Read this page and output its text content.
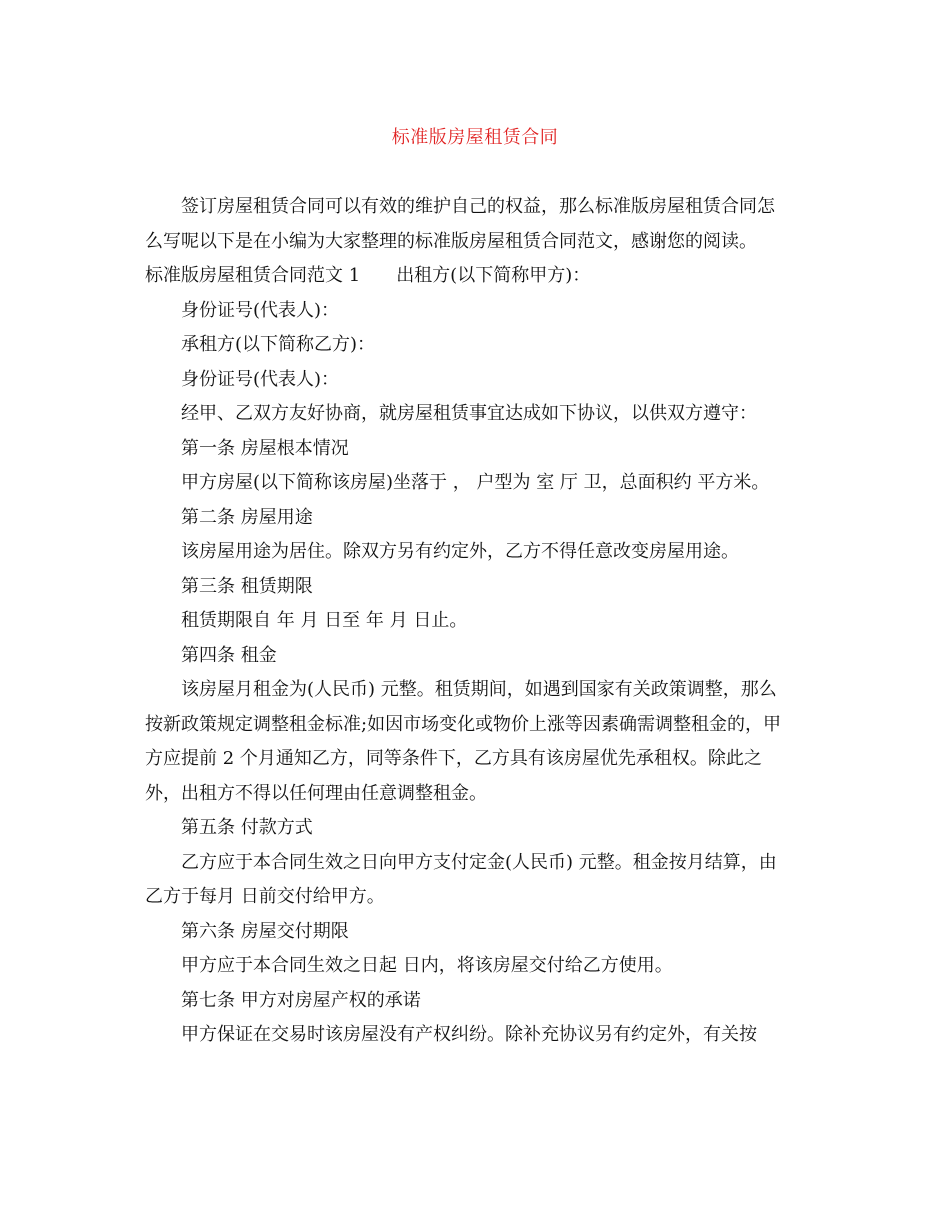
标准版房屋租赁合同
签订房屋租赁合同可以有效的维护自己的权益，那么标准版房屋租赁合同怎
么写呢以下是在小编为大家整理的标准版房屋租赁合同范文，感谢您的阅读。
标准版房屋租赁合同范文 1 出租方(以下简称甲方)：
身份证号(代表人)：
承租方(以下简称乙方)：
身份证号(代表人)：
经甲、乙双方友好协商，就房屋租赁事宜达成如下协议，以供双方遵守：
第一条 房屋根本情况
甲方房屋(以下简称该房屋)坐落于 ， 户型为 室 厅 卫，总面积约 平方米。
第二条 房屋用途
该房屋用途为居住。除双方另有约定外，乙方不得任意改变房屋用途。
第三条 租赁期限
租赁期限自 年 月 日至 年 月 日止。
第四条 租金
该房屋月租金为(人民币) 元整。租赁期间，如遇到国家有关政策调整，那么
按新政策规定调整租金标准;如因市场变化或物价上涨等因素确需调整租金的，甲
方应提前 2 个月通知乙方，同等条件下，乙方具有该房屋优先承租权。除此之
外，出租方不得以任何理由任意调整租金。
第五条 付款方式
乙方应于本合同生效之日向甲方支付定金(人民币) 元整。租金按月结算，由
乙方于每月 日前交付给甲方。
第六条 房屋交付期限
甲方应于本合同生效之日起 日内，将该房屋交付给乙方使用。
第七条 甲方对房屋产权的承诺
甲方保证在交易时该房屋没有产权纠纷。除补充协议另有约定外，有关按
